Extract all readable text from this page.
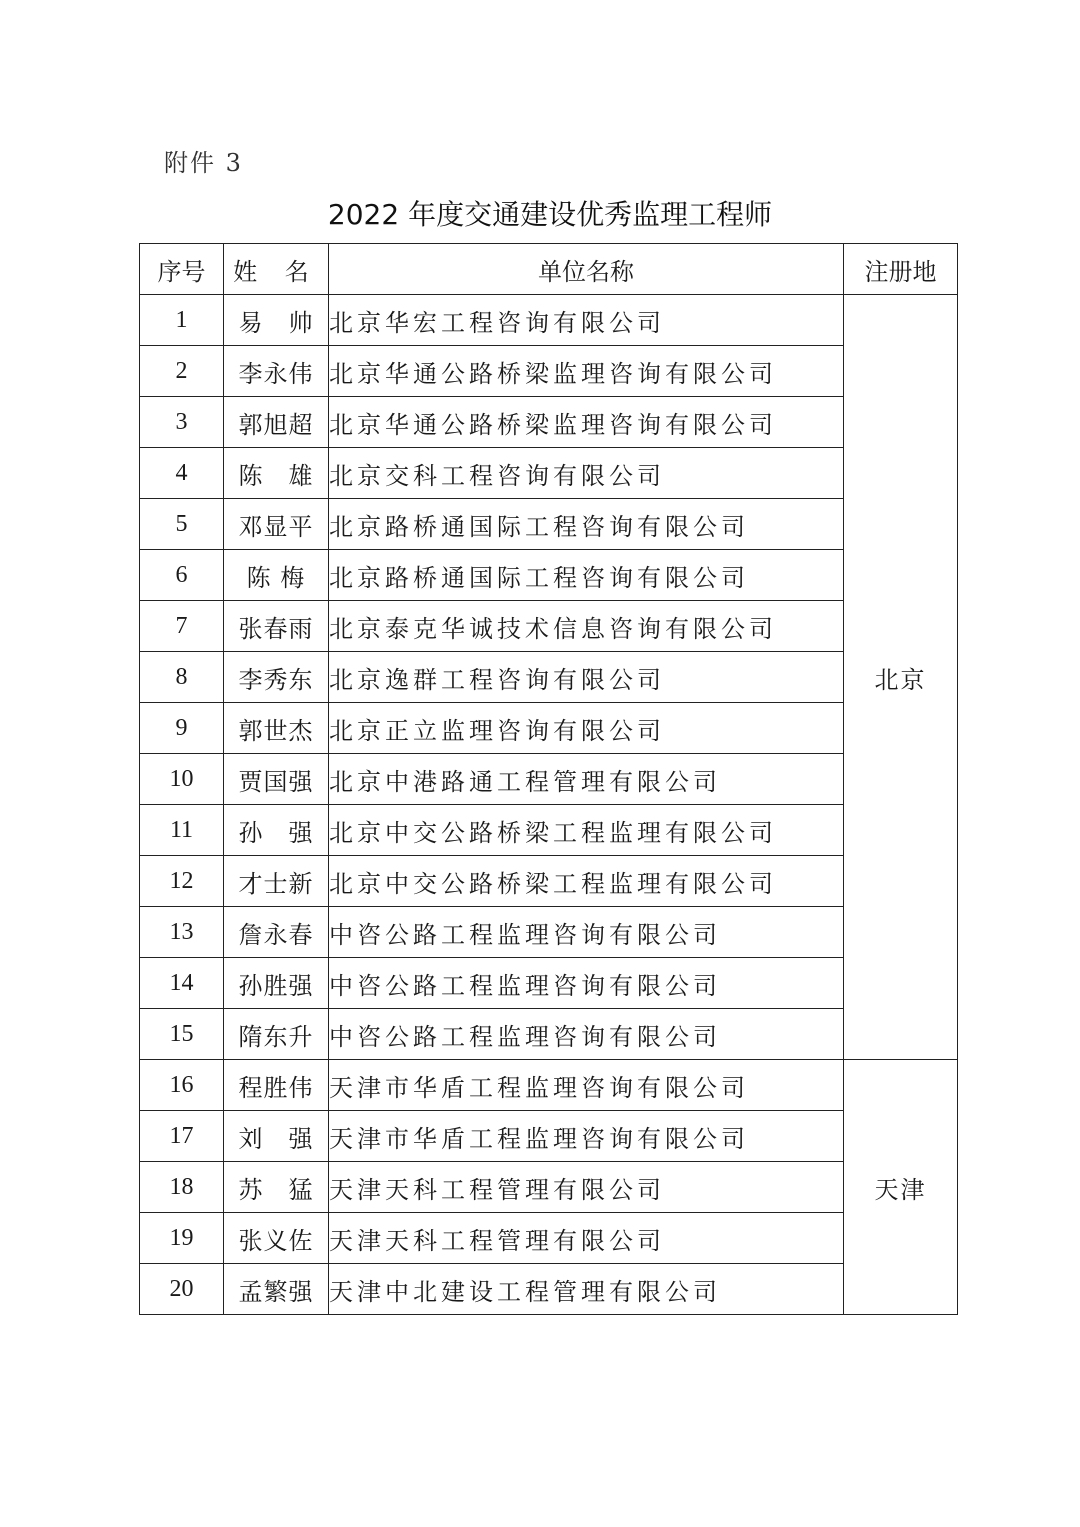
附件 3
2022 年度交通建设优秀监理工程师
序号	姓 名	单位名称	注册地
1	易　帅	北京华宏工程咨询有限公司	北京
2	李永伟	北京华通公路桥梁监理咨询有限公司	
3	郭旭超	北京华通公路桥梁监理咨询有限公司	
4	陈　雄	北京交科工程咨询有限公司	
5	邓显平	北京路桥通国际工程咨询有限公司	
6	陈 梅	北京路桥通国际工程咨询有限公司	
7	张春雨	北京泰克华诚技术信息咨询有限公司	
8	李秀东	北京逸群工程咨询有限公司	
9	郭世杰	北京正立监理咨询有限公司	
10	贾国强	北京中港路通工程管理有限公司	
11	孙　强	北京中交公路桥梁工程监理有限公司	
12	才士新	北京中交公路桥梁工程监理有限公司	
13	詹永春	中咨公路工程监理咨询有限公司	
14	孙胜强	中咨公路工程监理咨询有限公司	
15	隋东升	中咨公路工程监理咨询有限公司	
16	程胜伟	天津市华盾工程监理咨询有限公司	天津
17	刘　强	天津市华盾工程监理咨询有限公司	
18	苏　猛	天津天科工程管理有限公司	
19	张义佐	天津天科工程管理有限公司	
20	孟繁强	天津中北建设工程管理有限公司	
